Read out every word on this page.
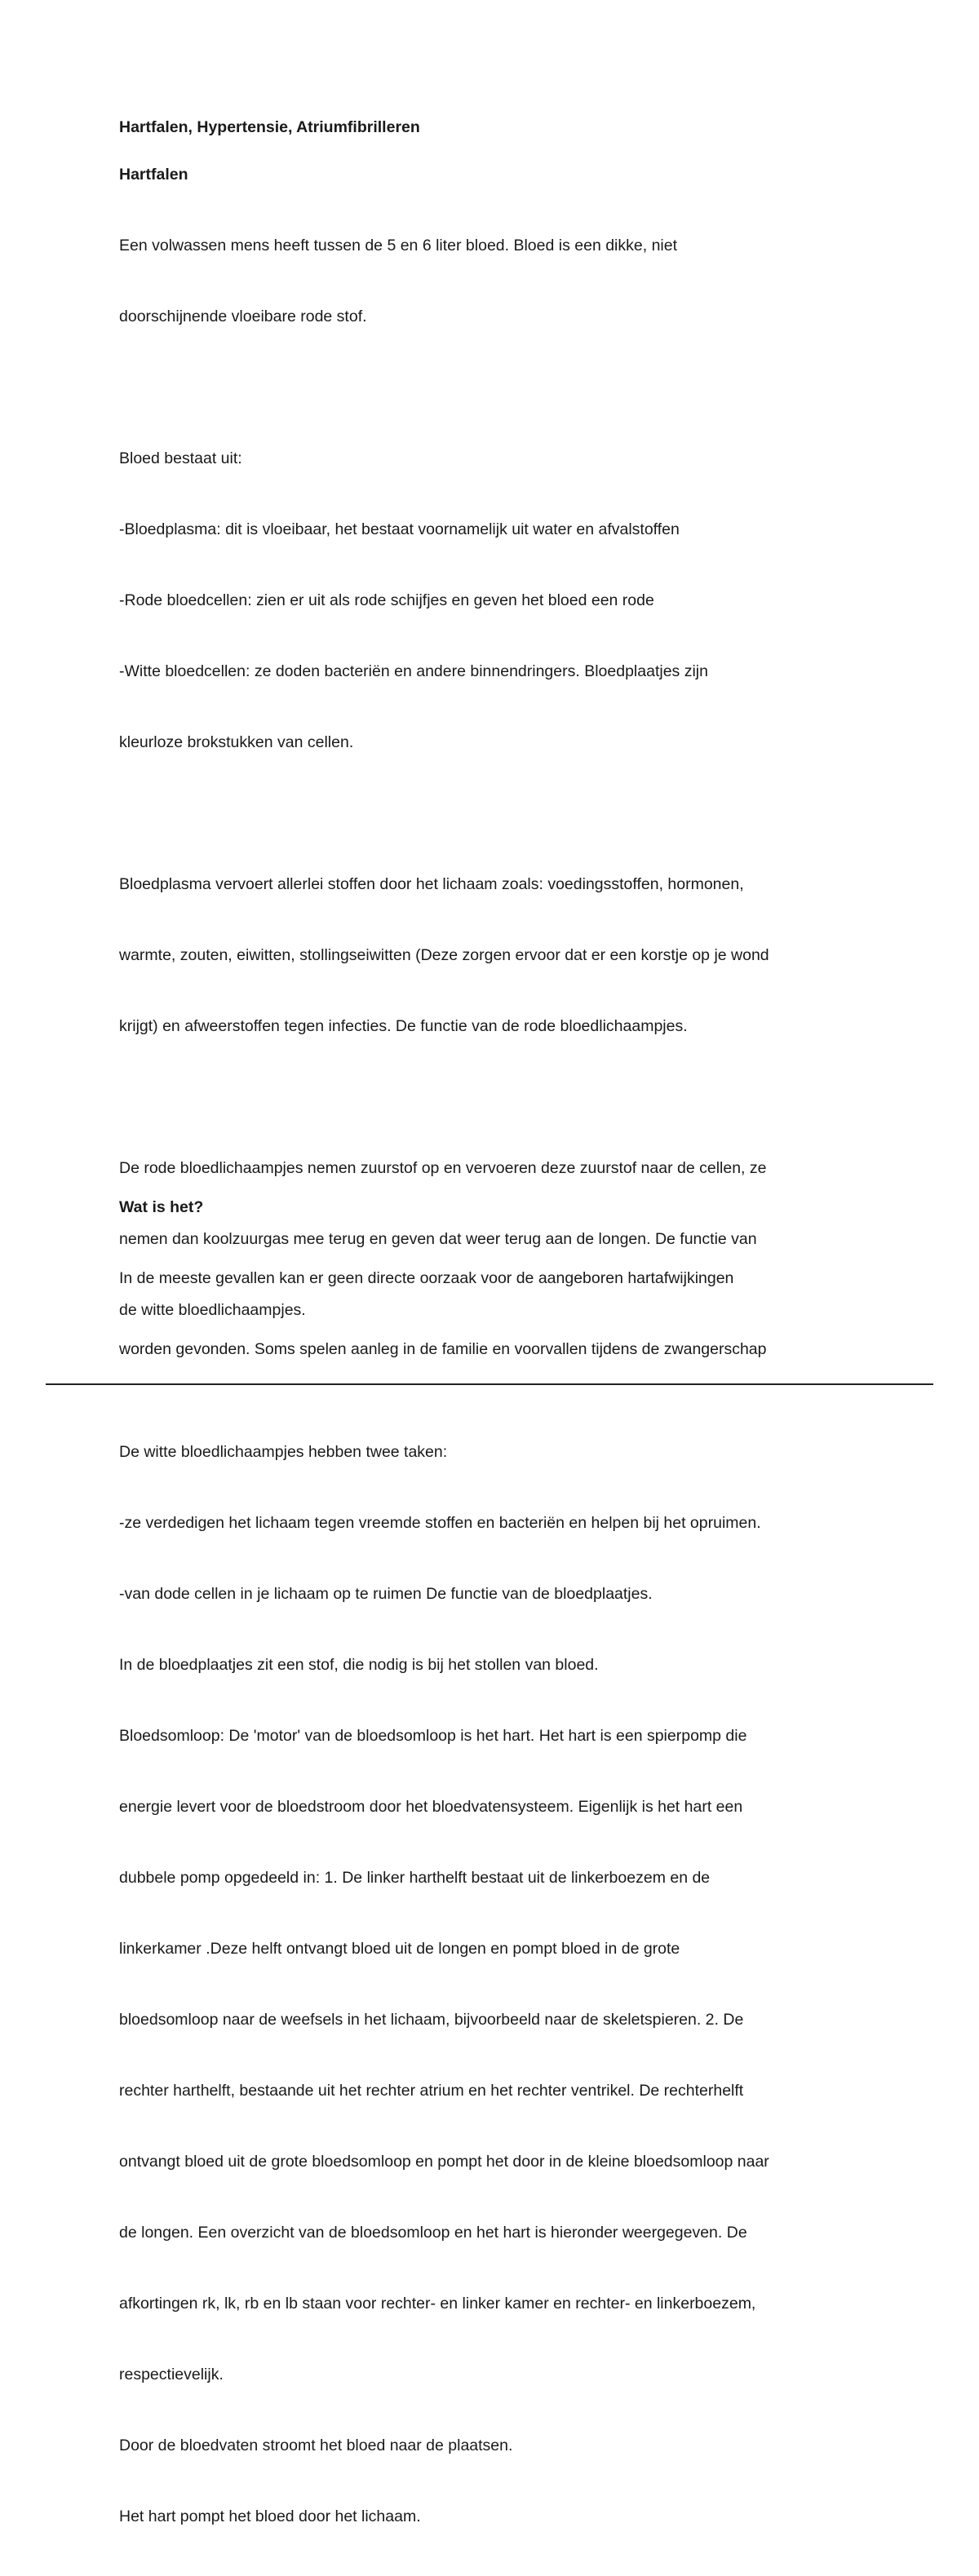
Hartfalen, Hypertensie, Atriumfibrilleren

Hartfalen

Een volwassen mens heeft tussen de 5 en 6 liter bloed. Bloed is een dikke, niet

doorschijnende vloeibare rode stof.

Bloed bestaat uit:

-Bloedplasma: dit is vloeibaar, het bestaat voornamelijk uit water en afvalstoffen

-Rode bloedcellen: zien er uit als rode schijfjes en geven het bloed een rode

-Witte bloedcellen: ze doden bacteriën en andere binnendringers. Bloedplaatjes zijn

kleurloze brokstukken van cellen.

Bloedplasma vervoert allerlei stoffen door het lichaam zoals: voedingsstoffen, hormonen,

warmte, zouten, eiwitten, stollingseiwitten (Deze zorgen ervoor dat er een korstje op je wond

krijgt) en afweerstoffen tegen infecties. De functie van de rode bloedlichaampjes.

De rode bloedlichaampjes nemen zuurstof op en vervoeren deze zuurstof naar de cellen, ze

nemen dan koolzuurgas mee terug en geven dat weer terug aan de longen. De functie van

de witte bloedlichaampjes.

De witte bloedlichaampjes hebben twee taken:

-ze verdedigen het lichaam tegen vreemde stoffen en bacteriën en helpen bij het opruimen.

-van dode cellen in je lichaam op te ruimen De functie van de bloedplaatjes.

In de bloedplaatjes zit een stof, die nodig is bij het stollen van bloed.

Bloedsomloop: De 'motor' van de bloedsomloop is het hart. Het hart is een spierpomp die

energie levert voor de bloedstroom door het bloedvatensysteem. Eigenlijk is het hart een

dubbele pomp opgedeeld in: 1. De linker harthelft bestaat uit de linkerboezem en de

linkerkamer .Deze helft ontvangt bloed uit de longen en pompt bloed in de grote

bloedsomloop naar de weefsels in het lichaam, bijvoorbeeld naar de skeletspieren. 2. De

rechter harthelft, bestaande uit het rechter atrium en het rechter ventrikel. De rechterhelft

ontvangt bloed uit de grote bloedsomloop en pompt het door in de kleine bloedsomloop naar

de longen. Een overzicht van de bloedsomloop en het hart is hieronder weergegeven. De

afkortingen rk, lk, rb en lb staan voor rechter- en linker kamer en rechter- en linkerboezem,

respectievelijk.

Door de bloedvaten stroomt het bloed naar de plaatsen.

Het hart pompt het bloed door het lichaam.

Wat is het?

In de meeste gevallen kan er geen directe oorzaak voor de aangeboren hartafwijkingen

worden gevonden. Soms spelen aanleg in de familie en voorvallen tijdens de zwangerschap
